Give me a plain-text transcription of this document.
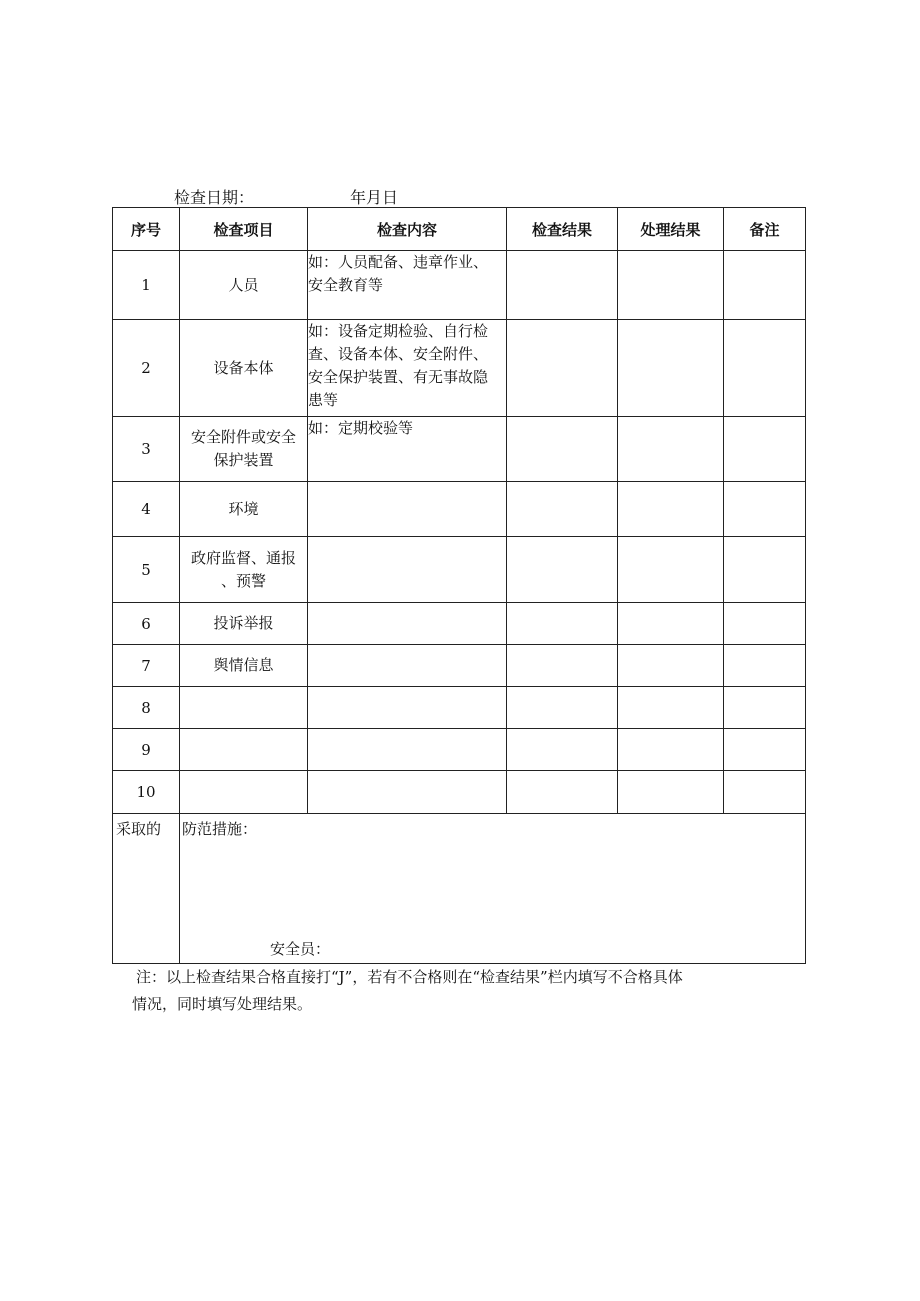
检查日期：	年月日
序号	检查项目	检查内容	检查结果	处理结果	备注
1	人员	如：人员配备、违章作业、
安全教育等			
2	设备本体	如：设备定期检验、自行检
查、设备本体、安全附件、
安全保护装置、有无事故隐
患等			
3	安全附件或安全
保护装置	如：定期校验等			
4	环境				
5	政府监督、通报
、预警				
6	投诉举报				
7	舆情信息				
8					
9					
10					
采取的	防范措施：
安全员：				
注：以上检查结果合格直接打“J”，若有不合格则在“检查结果”栏内填写不合格具体
情况，同时填写处理结果。
